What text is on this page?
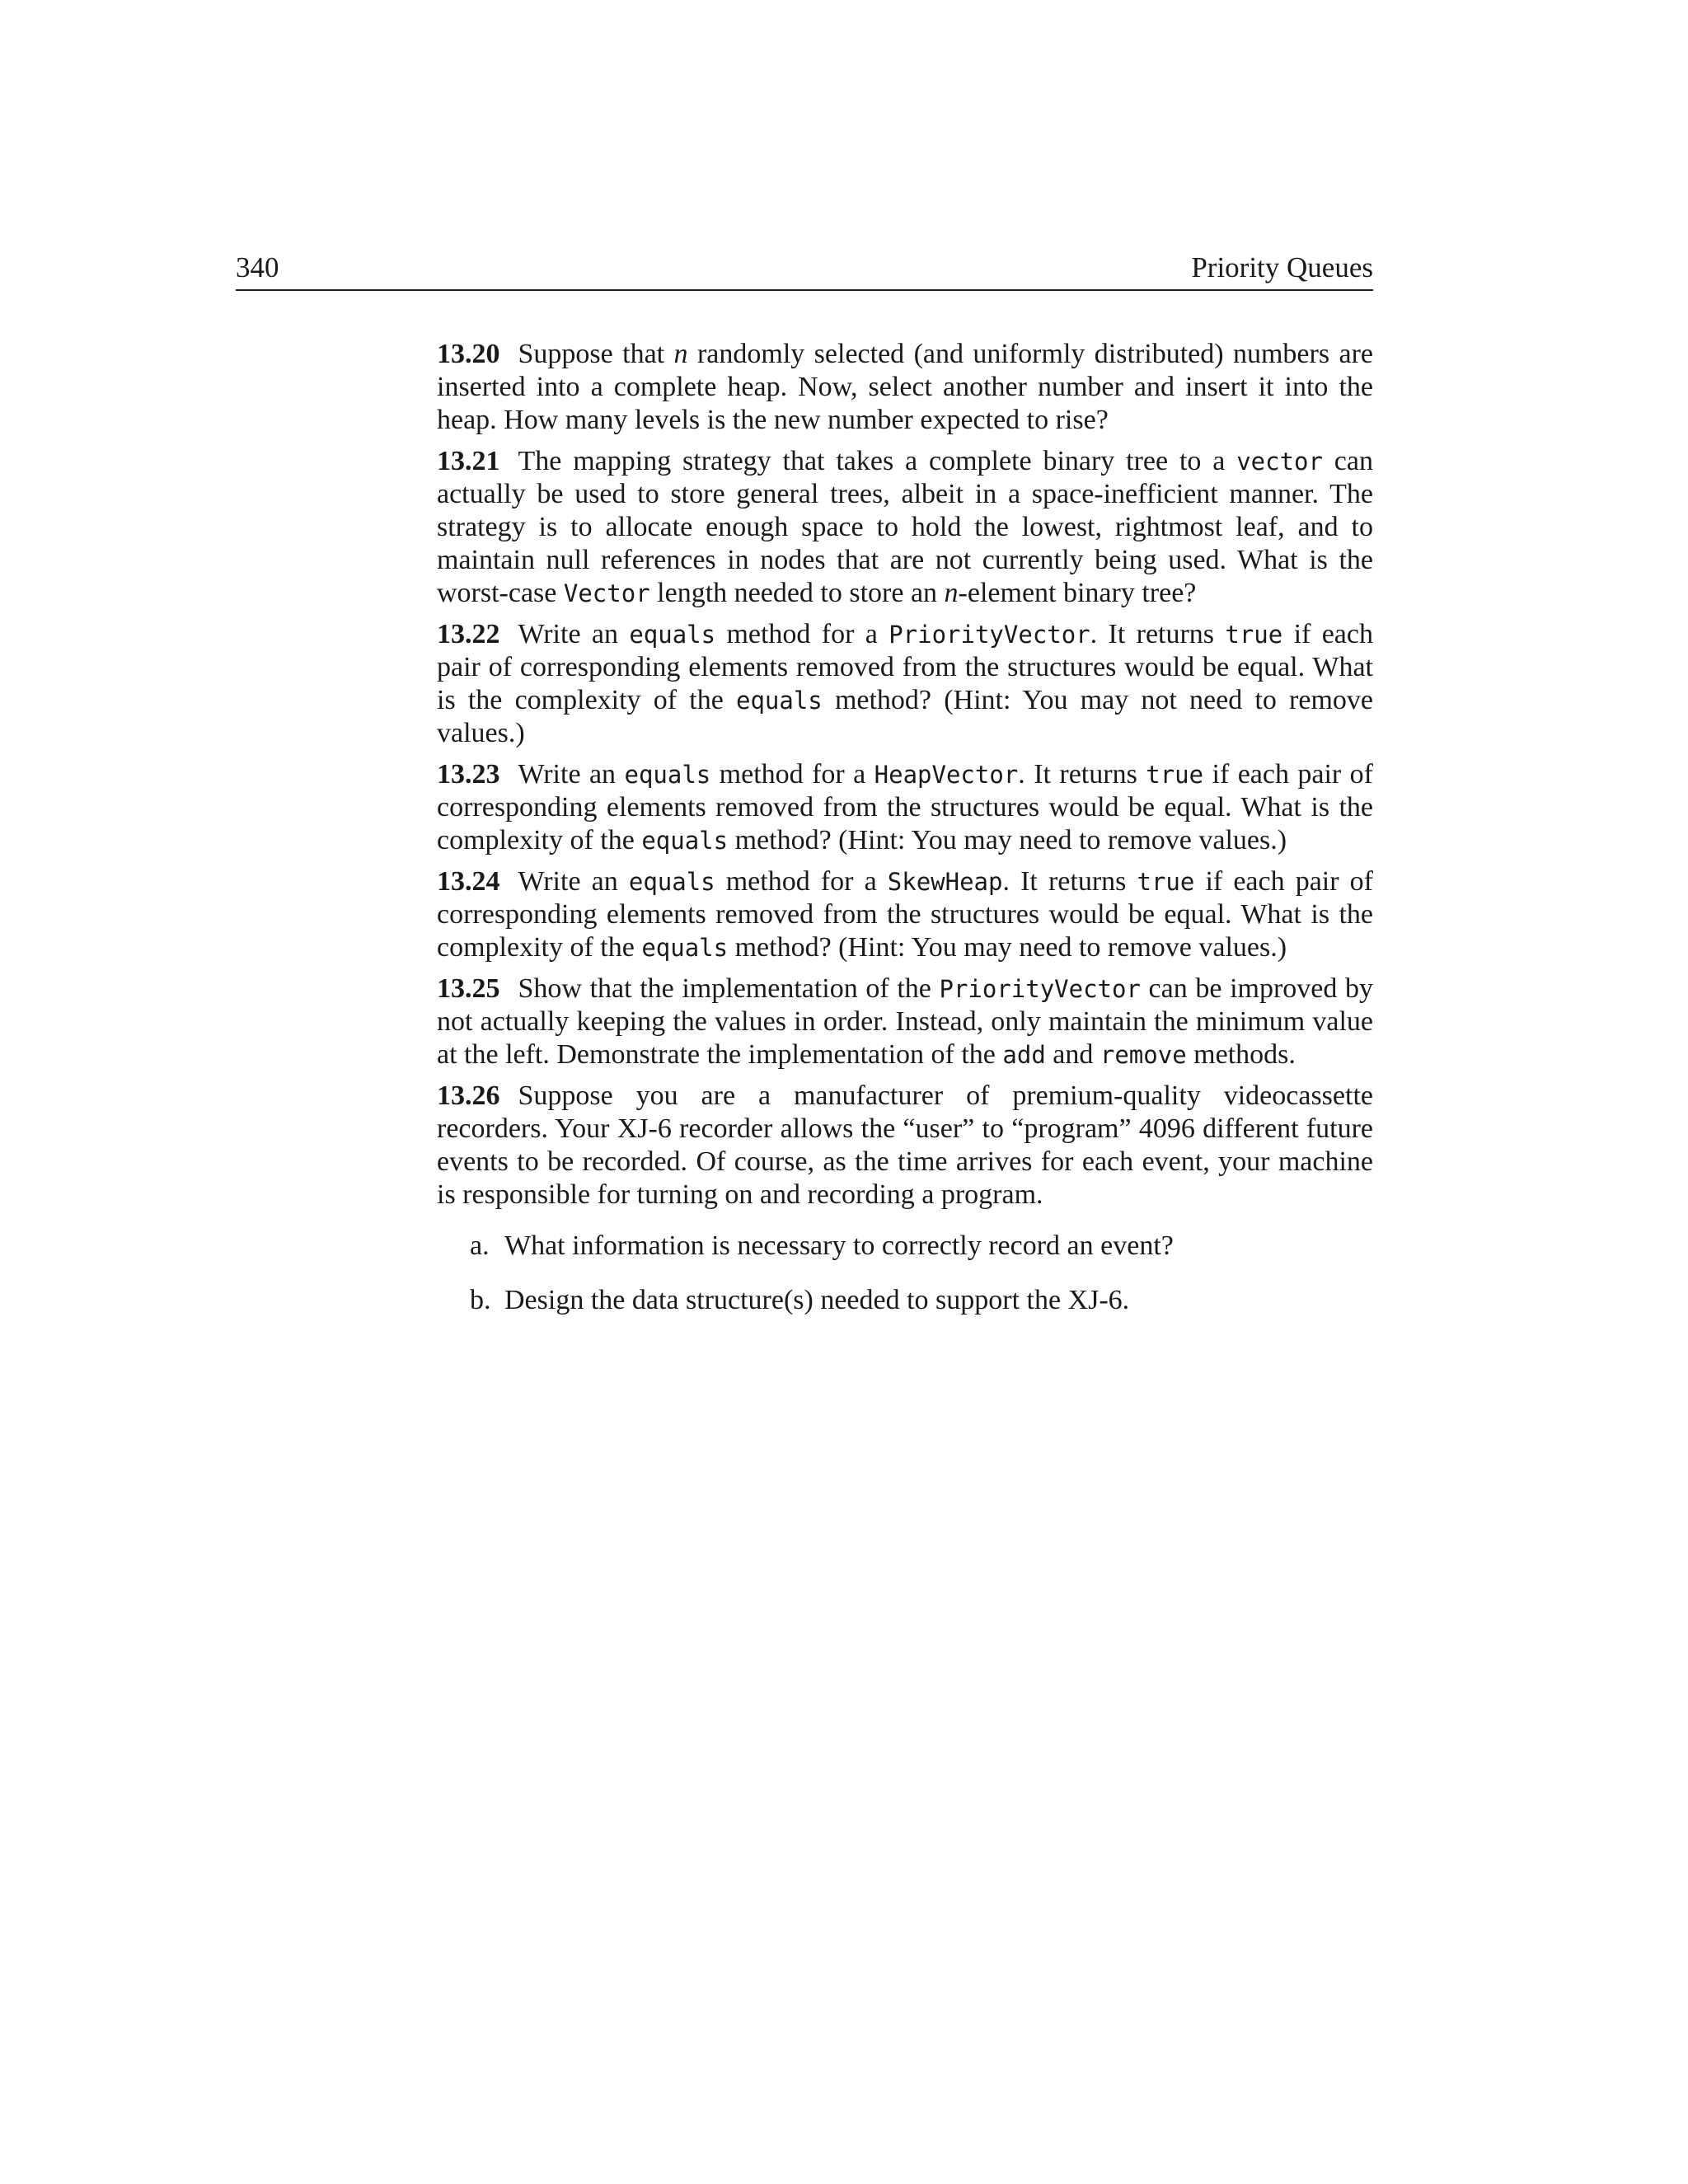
340	Priority Queues
13.20 Suppose that n randomly selected (and uniformly distributed) numbers are inserted into a complete heap. Now, select another number and insert it into the heap. How many levels is the new number expected to rise?
13.21 The mapping strategy that takes a complete binary tree to a vector can actually be used to store general trees, albeit in a space-inefficient manner. The strategy is to allocate enough space to hold the lowest, rightmost leaf, and to maintain null references in nodes that are not currently being used. What is the worst-case Vector length needed to store an n-element binary tree?
13.22 Write an equals method for a PriorityVector. It returns true if each pair of corresponding elements removed from the structures would be equal. What is the complexity of the equals method? (Hint: You may not need to remove values.)
13.23 Write an equals method for a HeapVector. It returns true if each pair of corresponding elements removed from the structures would be equal. What is the complexity of the equals method? (Hint: You may need to remove values.)
13.24 Write an equals method for a SkewHeap. It returns true if each pair of corresponding elements removed from the structures would be equal. What is the complexity of the equals method? (Hint: You may need to remove values.)
13.25 Show that the implementation of the PriorityVector can be improved by not actually keeping the values in order. Instead, only maintain the minimum value at the left. Demonstrate the implementation of the add and remove methods.
13.26 Suppose you are a manufacturer of premium-quality videocassette recorders. Your XJ-6 recorder allows the “user” to “program” 4096 different future events to be recorded. Of course, as the time arrives for each event, your machine is responsible for turning on and recording a program.
a. What information is necessary to correctly record an event?
b. Design the data structure(s) needed to support the XJ-6.
